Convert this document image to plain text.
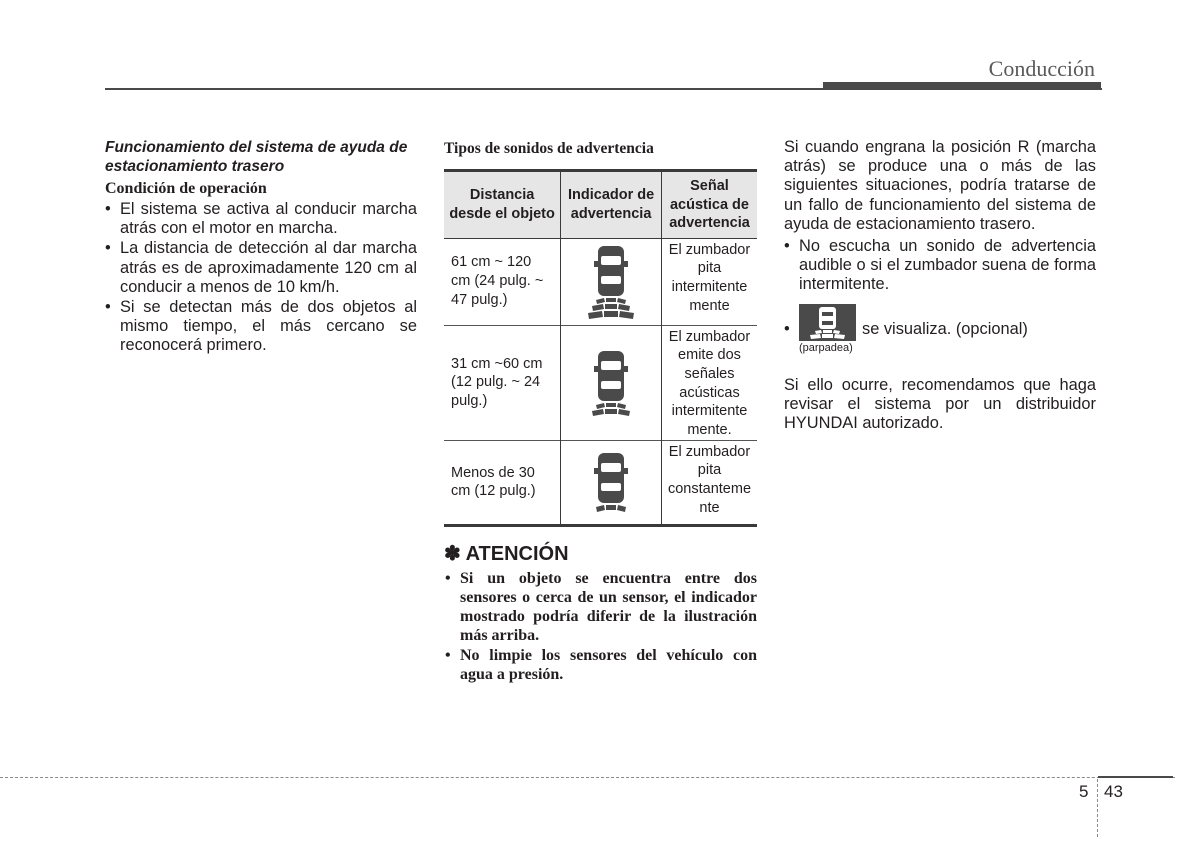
Conducción
Funcionamiento del sistema de ayuda de estacionamiento trasero
Condición de operación
• El sistema se activa al conducir marcha atrás con el motor en marcha.
• La distancia de detección al dar marcha atrás es de aproximadamente 120 cm al conducir a menos de 10 km/h.
• Si se detectan más de dos objetos al mismo tiempo, el más cercano se reconocerá primero.
Tipos de sonidos de advertencia
Distancia desde el objeto	Indicador de advertencia	Señal acústica de advertencia
61 cm ~ 120 cm (24 pulg. ~ 47 pulg.)		El zumbador pita intermitente mente
31 cm ~60 cm (12 pulg. ~ 24 pulg.)		El zumbador emite dos señales acústicas intermitente mente.
Menos de 30 cm (12 pulg.)		El zumbador pita constanteme nte
✽ ATENCIÓN
• Si un objeto se encuentra entre dos sensores o cerca de un sensor, el indicador mostrado podría diferir de la ilustración más arriba.
• No limpie los sensores del vehículo con agua a presión.

Si cuando engrana la posición R (marcha atrás) se produce una o más de las siguientes situaciones, podría tratarse de un fallo de funcionamiento del sistema de ayuda de estacionamiento trasero.

• No escucha un sonido de advertencia audible o si el zumbador suena de forma intermitente.
•
(parpadea)
se visualiza. (opcional)

Si ello ocurre, recomendamos que haga revisar el sistema por un distribuidor HYUNDAI autorizado.

5 43
